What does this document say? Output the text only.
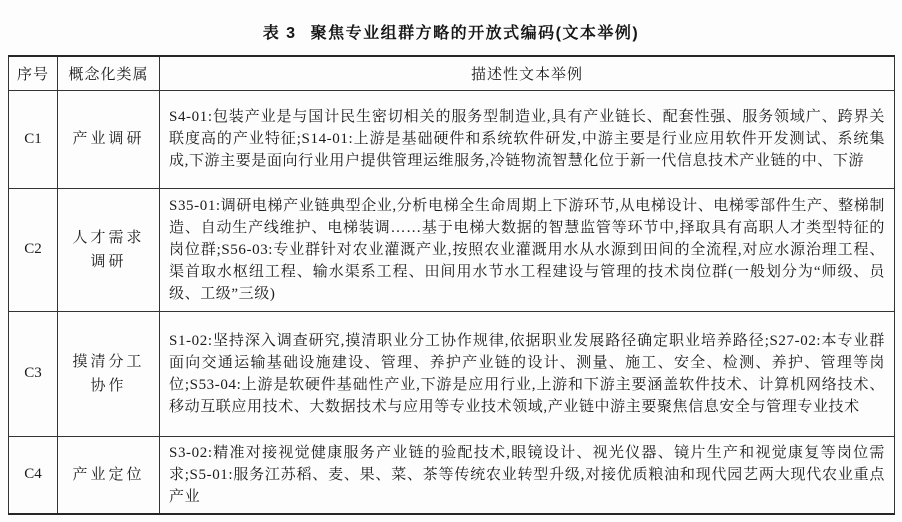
表 3 聚焦专业组群方略的开放式编码(文本举例)
序号	概念化类属	描述性文本举例
C1	产业调研	S4-01:包装产业是与国计民生密切相关的服务型制造业,具有产业链长、配套性强、服务领域广、跨界关联度高的产业特征;S14-01:上游是基础硬件和系统软件研发,中游主要是行业应用软件开发测试、系统集成,下游主要是面向行业用户提供管理运维服务,冷链物流智慧化位于新一代信息技术产业链的中、下游
C2	人才需求调研	S35-01:调研电梯产业链典型企业,分析电梯全生命周期上下游环节,从电梯设计、电梯零部件生产、整梯制造、自动生产线维护、电梯装调……基于电梯大数据的智慧监管等环节中,择取具有高职人才类型特征的岗位群;S56-03:专业群针对农业灌溉产业,按照农业灌溉用水从水源到田间的全流程,对应水源治理工程、渠首取水枢纽工程、输水渠系工程、田间用水节水工程建设与管理的技术岗位群(一般划分为“师级、员级、工级”三级)
C3	摸清分工协作	S1-02:坚持深入调查研究,摸清职业分工协作规律,依据职业发展路径确定职业培养路径;S27-02:本专业群面向交通运输基础设施建设、管理、养护产业链的设计、测量、施工、安全、检测、养护、管理等岗位;S53-04:上游是软硬件基础性产业,下游是应用行业,上游和下游主要涵盖软件技术、计算机网络技术、移动互联应用技术、大数据技术与应用等专业技术领域,产业链中游主要聚焦信息安全与管理专业技术
C4	产业定位	S3-02:精准对接视觉健康服务产业链的验配技术,眼镜设计、视光仪器、镜片生产和视觉康复等岗位需求;S5-01:服务江苏稻、麦、果、菜、茶等传统农业转型升级,对接优质粮油和现代园艺两大现代农业重点产业
